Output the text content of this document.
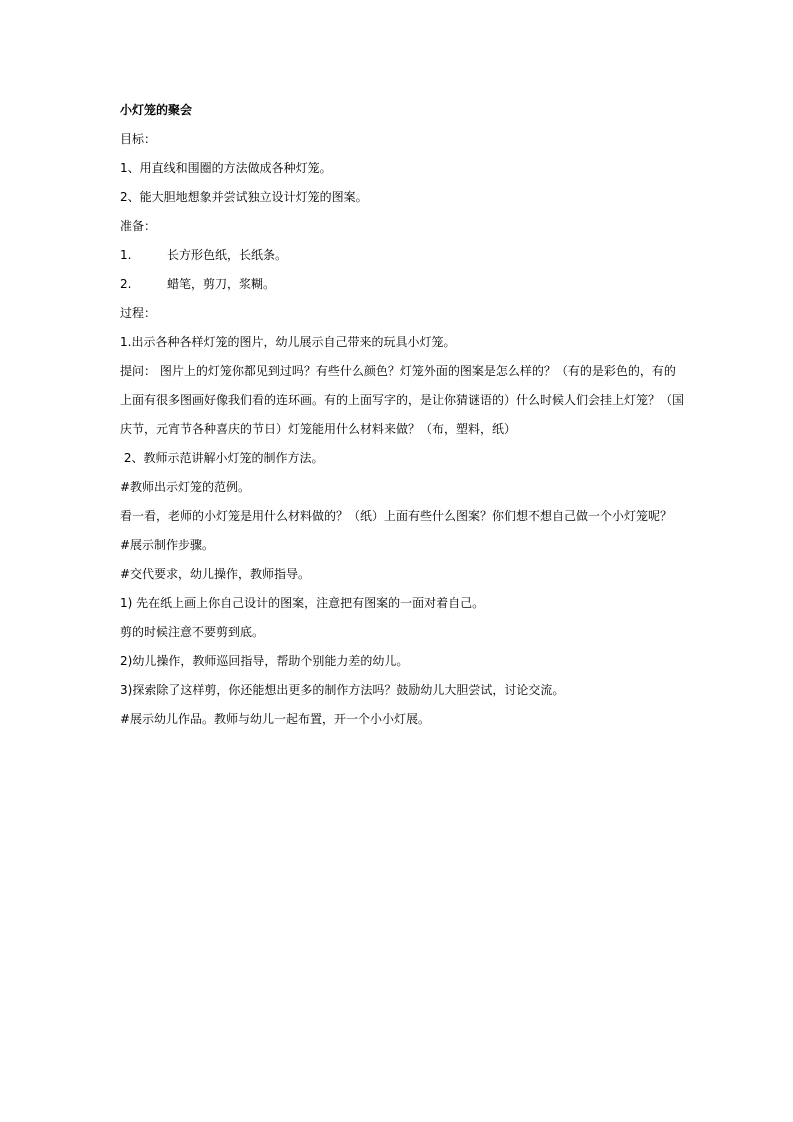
小灯笼的聚会
目标：
1、用直线和围圈的方法做成各种灯笼。
2、能大胆地想象并尝试独立设计灯笼的图案。
准备：
1.	长方形色纸，长纸条。
2.	蜡笔，剪刀，浆糊。
过程：
1.出示各种各样灯笼的图片，幼儿展示自己带来的玩具小灯笼。
提问： 图片上的灯笼你都见到过吗？有些什么颜色？灯笼外面的图案是怎么样的？（有的是彩色的，有的
上面有很多图画好像我们看的连环画。有的上面写字的，是让你猜谜语的）什么时候人们会挂上灯笼？（国
庆节，元宵节各种喜庆的节日）灯笼能用什么材料来做？（布，塑料，纸）
2、教师示范讲解小灯笼的制作方法。
#教师出示灯笼的范例。
看一看，老师的小灯笼是用什么材料做的？（纸）上面有些什么图案？你们想不想自己做一个小灯笼呢？
#展示制作步骤。
#交代要求，幼儿操作，教师指导。
1) 先在纸上画上你自己设计的图案，注意把有图案的一面对着自己。
剪的时候注意不要剪到底。
2)幼儿操作，教师巡回指导，帮助个别能力差的幼儿。
3)探索除了这样剪，你还能想出更多的制作方法吗？鼓励幼儿大胆尝试，讨论交流。
#展示幼儿作品。教师与幼儿一起布置，开一个小小灯展。
